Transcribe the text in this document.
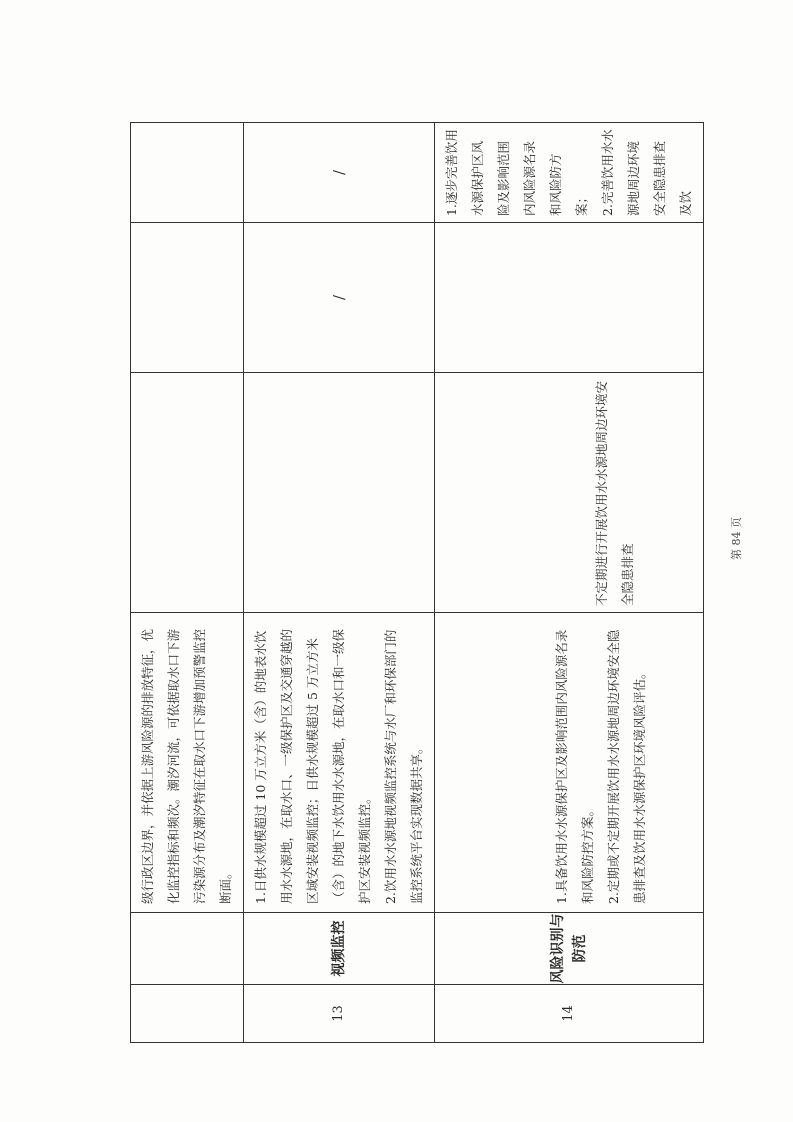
		级行政区边界，并依据上游风险源的排放特征，优化监控指标和频次。潮汐河流，可依据取水口下游污染源分布及潮汐特征在取水口下游增加预警监控断面。			

13	视频监控	1.日供水规模超过 10 万立方米（含）的地表水饮用水水源地，在取水口、一级保护区及交通穿越的区域安装视频监控；日供水规模超过 5 万立方米（含）的地下水饮用水水源地，在取水口和一级保护区安装视频监控。 2.饮用水水源地视频监控系统与水厂和环保部门的监控系统平台实现数据共享。		/	/
14	风险识别与防范	1.具备饮用水水源保护区及影响范围内风险源名录和风险防控方案。 2.定期或不定期开展饮用水水源地周边环境安全隐患排查及饮用水水源保护区环境风险评估。	不定期进行开展饮用水水源地周边环境安全隐患排查		1.逐步完善饮用水源保护区风险及影响范围内风险源名录和风险防方案； 2.完善饮用水水源地周边环境安全隐患排查及饮
第 84 页
